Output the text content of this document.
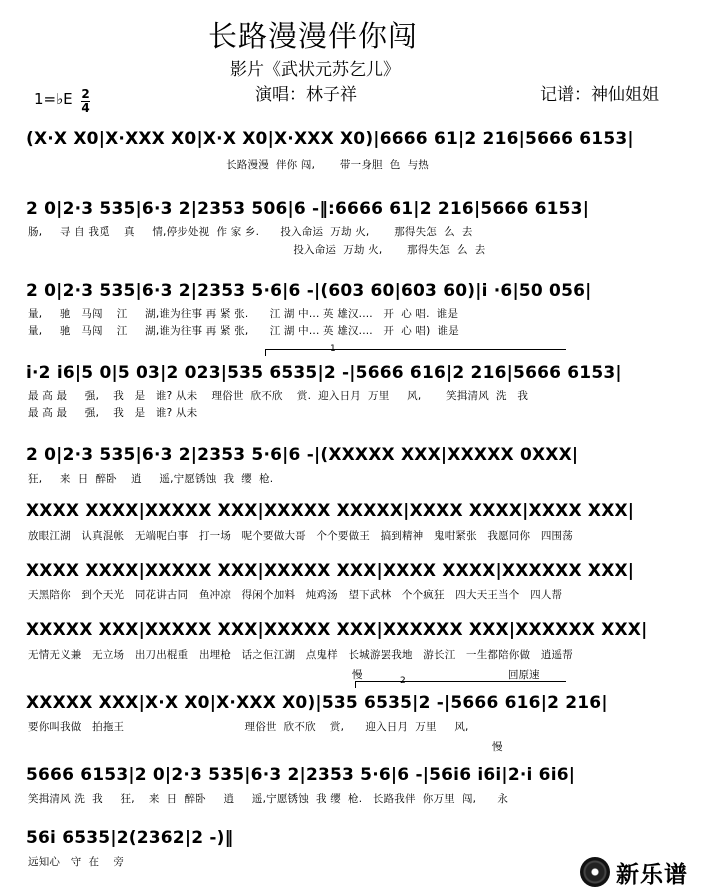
长路漫漫伴你闯
影片《武状元苏乞儿》
演唱：林子祥	记谱：神仙姐姐
1=♭E 2
4
(X·X X0|X·XXX X0|X·X X0|X·XXX X0)|6666 61|2 216|5666 6153|
长路漫漫  伴你 闯,       带一身胆  色  与热
2 0|2·3 535|6·3 2|2353 506|6 -‖:6666 61|2 216|5666 6153|
肠,     寻 自 我觅    真     情,停步处视  作 家 乡.      投入命运  万劫 火,       那得失怎  么  去
投入命运  万劫 火,       那得失怎  么  去
2 0|2·3 535|6·3 2|2353 5·6|6 -|(603 60|603 60)|i ·6|50 056|
量,     驰   马闯    江     湖,谁为往事 再 紧 张.      江 湖 中... 英 雄汉....   开  心 唱.  谁是
量,     驰   马闯    江     湖,谁为往事 再 紧 张,      江 湖 中... 英 雄汉....   开  心 唱)  谁是
1
i·2 i6|5 0|5 03|2 023|535 6535|2 -|5666 616|2 216|5666 6153|
最 高 最     强,    我   是   谁? 从未    理俗世  欣不欣    赏.  迎入日月  万里     风,       笑揖清风  洗   我
最 高 最     强,    我   是   谁? 从未
2 0|2·3 535|6·3 2|2353 5·6|6 -|(XXXXX XXX|XXXXX 0XXX|
狂,     来  日  醉卧    逍     遥,宁愿锈蚀  我  缨  枪.
XXXX XXXX|XXXXX XXX|XXXXX XXXXX|XXXX XXXX|XXXX XXX|
放眼江湖   认真混帐   无端呢白事   打一场   呢个要做大哥   个个要做王   搞到精神   鬼咁紧张   我愿同你   四围荡
XXXX XXXX|XXXXX XXX|XXXXX XXX|XXXX XXXX|XXXXXX XXX|
天黑陪你   到个天光   同花讲古同   鱼冲凉   得闲个加料   炖鸡汤   望下武林   个个疯狂   四大天王当个   四人帮
XXXXX XXX|XXXXX XXX|XXXXX XXX|XXXXXX XXX|XXXXXX XXX|
无情无义兼   无立场   出刀出棍重   出埋枪   话之佢江湖   点鬼样   长城游罢我地   游长江   一生都陪你做   逍遥帮
慢	回原速
2
XXXXX XXX|X·X X0|X·XXX X0)|535 6535|2 -|5666 616|2 216|
要你叫我做   拍拖王                                  理俗世  欣不欣    赏,      迎入日月  万里     风,
慢
5666 6153|2 0|2·3 535|6·3 2|2353 5·6|6 -|56i6 i6i|2·i 6i6|
笑揖清风 洗  我     狂,    来  日  醉卧     逍     遥,宁愿锈蚀  我 缨  枪.   长路我伴  你万里  闯,      永
56i 6535|2(2362|2 -)‖
远知心   守  在    旁	新乐谱
